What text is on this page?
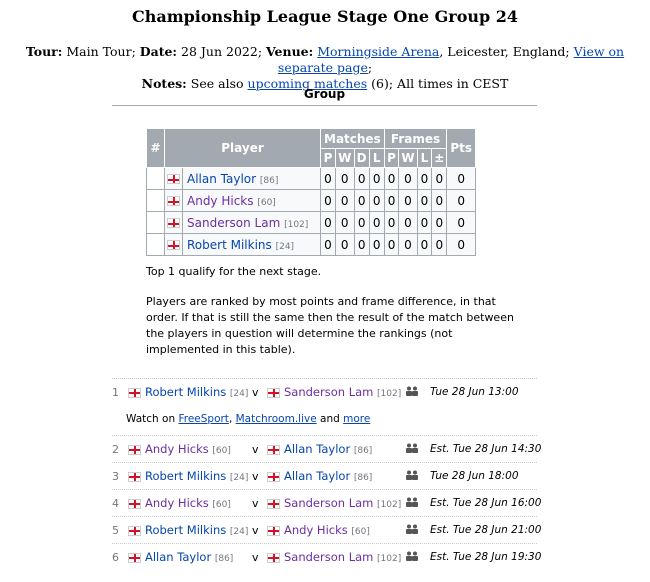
Championship League Stage One Group 24
Tour: Main Tour; Date: 28 Jun 2022; Venue: Morningside Arena, Leicester, England; View on separate page;
Notes: See also upcoming matches (6); All times in CEST
Group
#	Player		Matches				Frames				Pts
			P	W	D	L	P	W	L	±	
		Allan Taylor [86]	0	0	0	0	0	0	0	0	0
		Andy Hicks [60]	0	0	0	0	0	0	0	0	0
		Sanderson Lam [102]	0	0	0	0	0	0	0	0	0
		Robert Milkins [24]	0	0	0	0	0	0	0	0	0

Top 1 qualify for the next stage.

Players are ranked by most points and frame difference, in that order. If that is still the same then the result of the match between the players in question will determine the rankings (not implemented in this table).

1	Robert Milkins [24] v	Sanderson Lam [102]	Tue 28 Jun 13:00
Watch on FreeSport, Matchroom.live and more
2	Andy Hicks [60] v	Allan Taylor [86]	Est. Tue 28 Jun 14:30
3	Robert Milkins [24] v	Allan Taylor [86]	Tue 28 Jun 18:00
4	Andy Hicks [60] v	Sanderson Lam [102]	Est. Tue 28 Jun 16:00
5	Robert Milkins [24] v	Andy Hicks [60]	Est. Tue 28 Jun 21:00
6	Allan Taylor [86] v	Sanderson Lam [102]	Est. Tue 28 Jun 19:30
